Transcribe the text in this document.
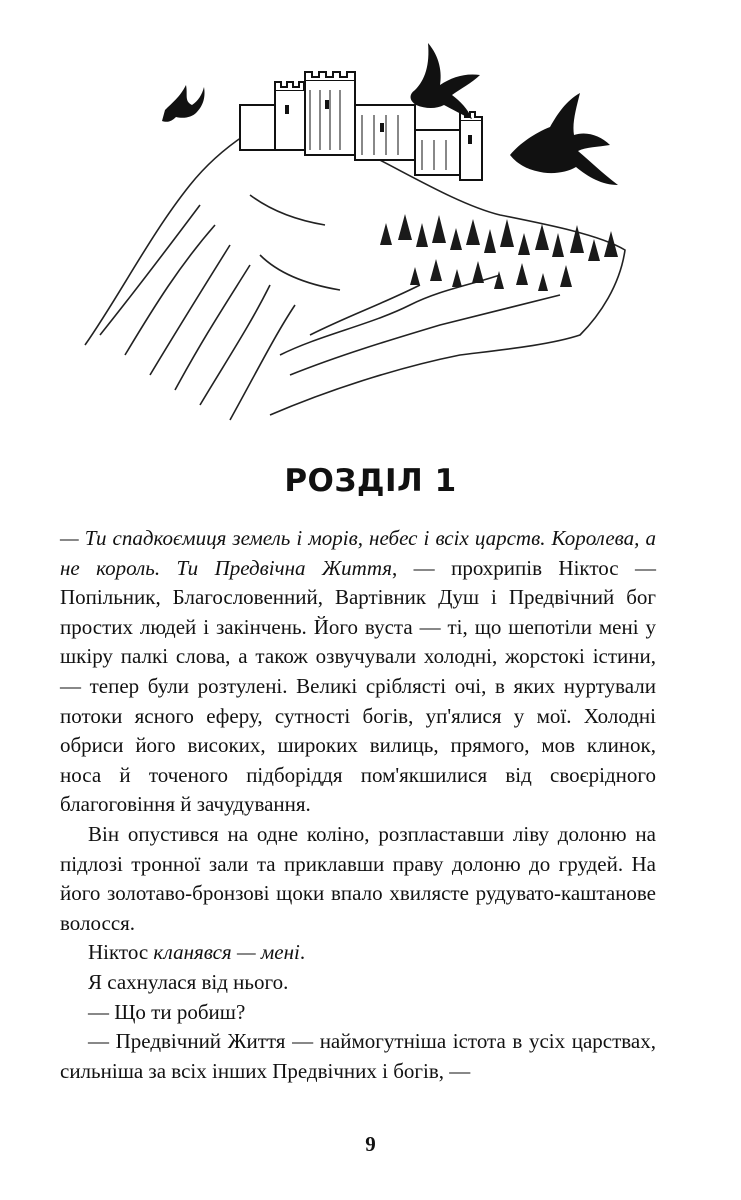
РОЗДІЛ 1

— Ти спадкоємиця земель і морів, небес і всіх царств. Королева, а не король. Ти Предвічна Життя, — прохрипів Ніктос — Попільник, Благословенний, Вартівник Душ і Предвічний бог простих людей і закінчень. Його вуста — ті, що шепотіли мені у шкіру палкі слова, а також озвучували холодні, жорстокі істини, — тепер були розтулені. Великі сріблясті очі, в яких нуртували потоки ясного еферу, сутності богів, уп'ялися у мої. Холодні обриси його високих, широких вилиць, прямого, мов клинок, носа й точеного підборіддя пом'якшилися від своєрідного благоговіння й зачудування.

Він опустився на одне коліно, розпластавши ліву долоню на підлозі тронної зали та приклавши праву долоню до грудей. На його золотаво-бронзові щоки впало хвилясте рудувато-каштанове волосся.

Ніктос кланявся — мені.

Я сахнулася від нього.

— Що ти робиш?

— Предвічний Життя — наймогутніша істота в усіх царствах, сильніша за всіх інших Предвічних і богів, —

9
